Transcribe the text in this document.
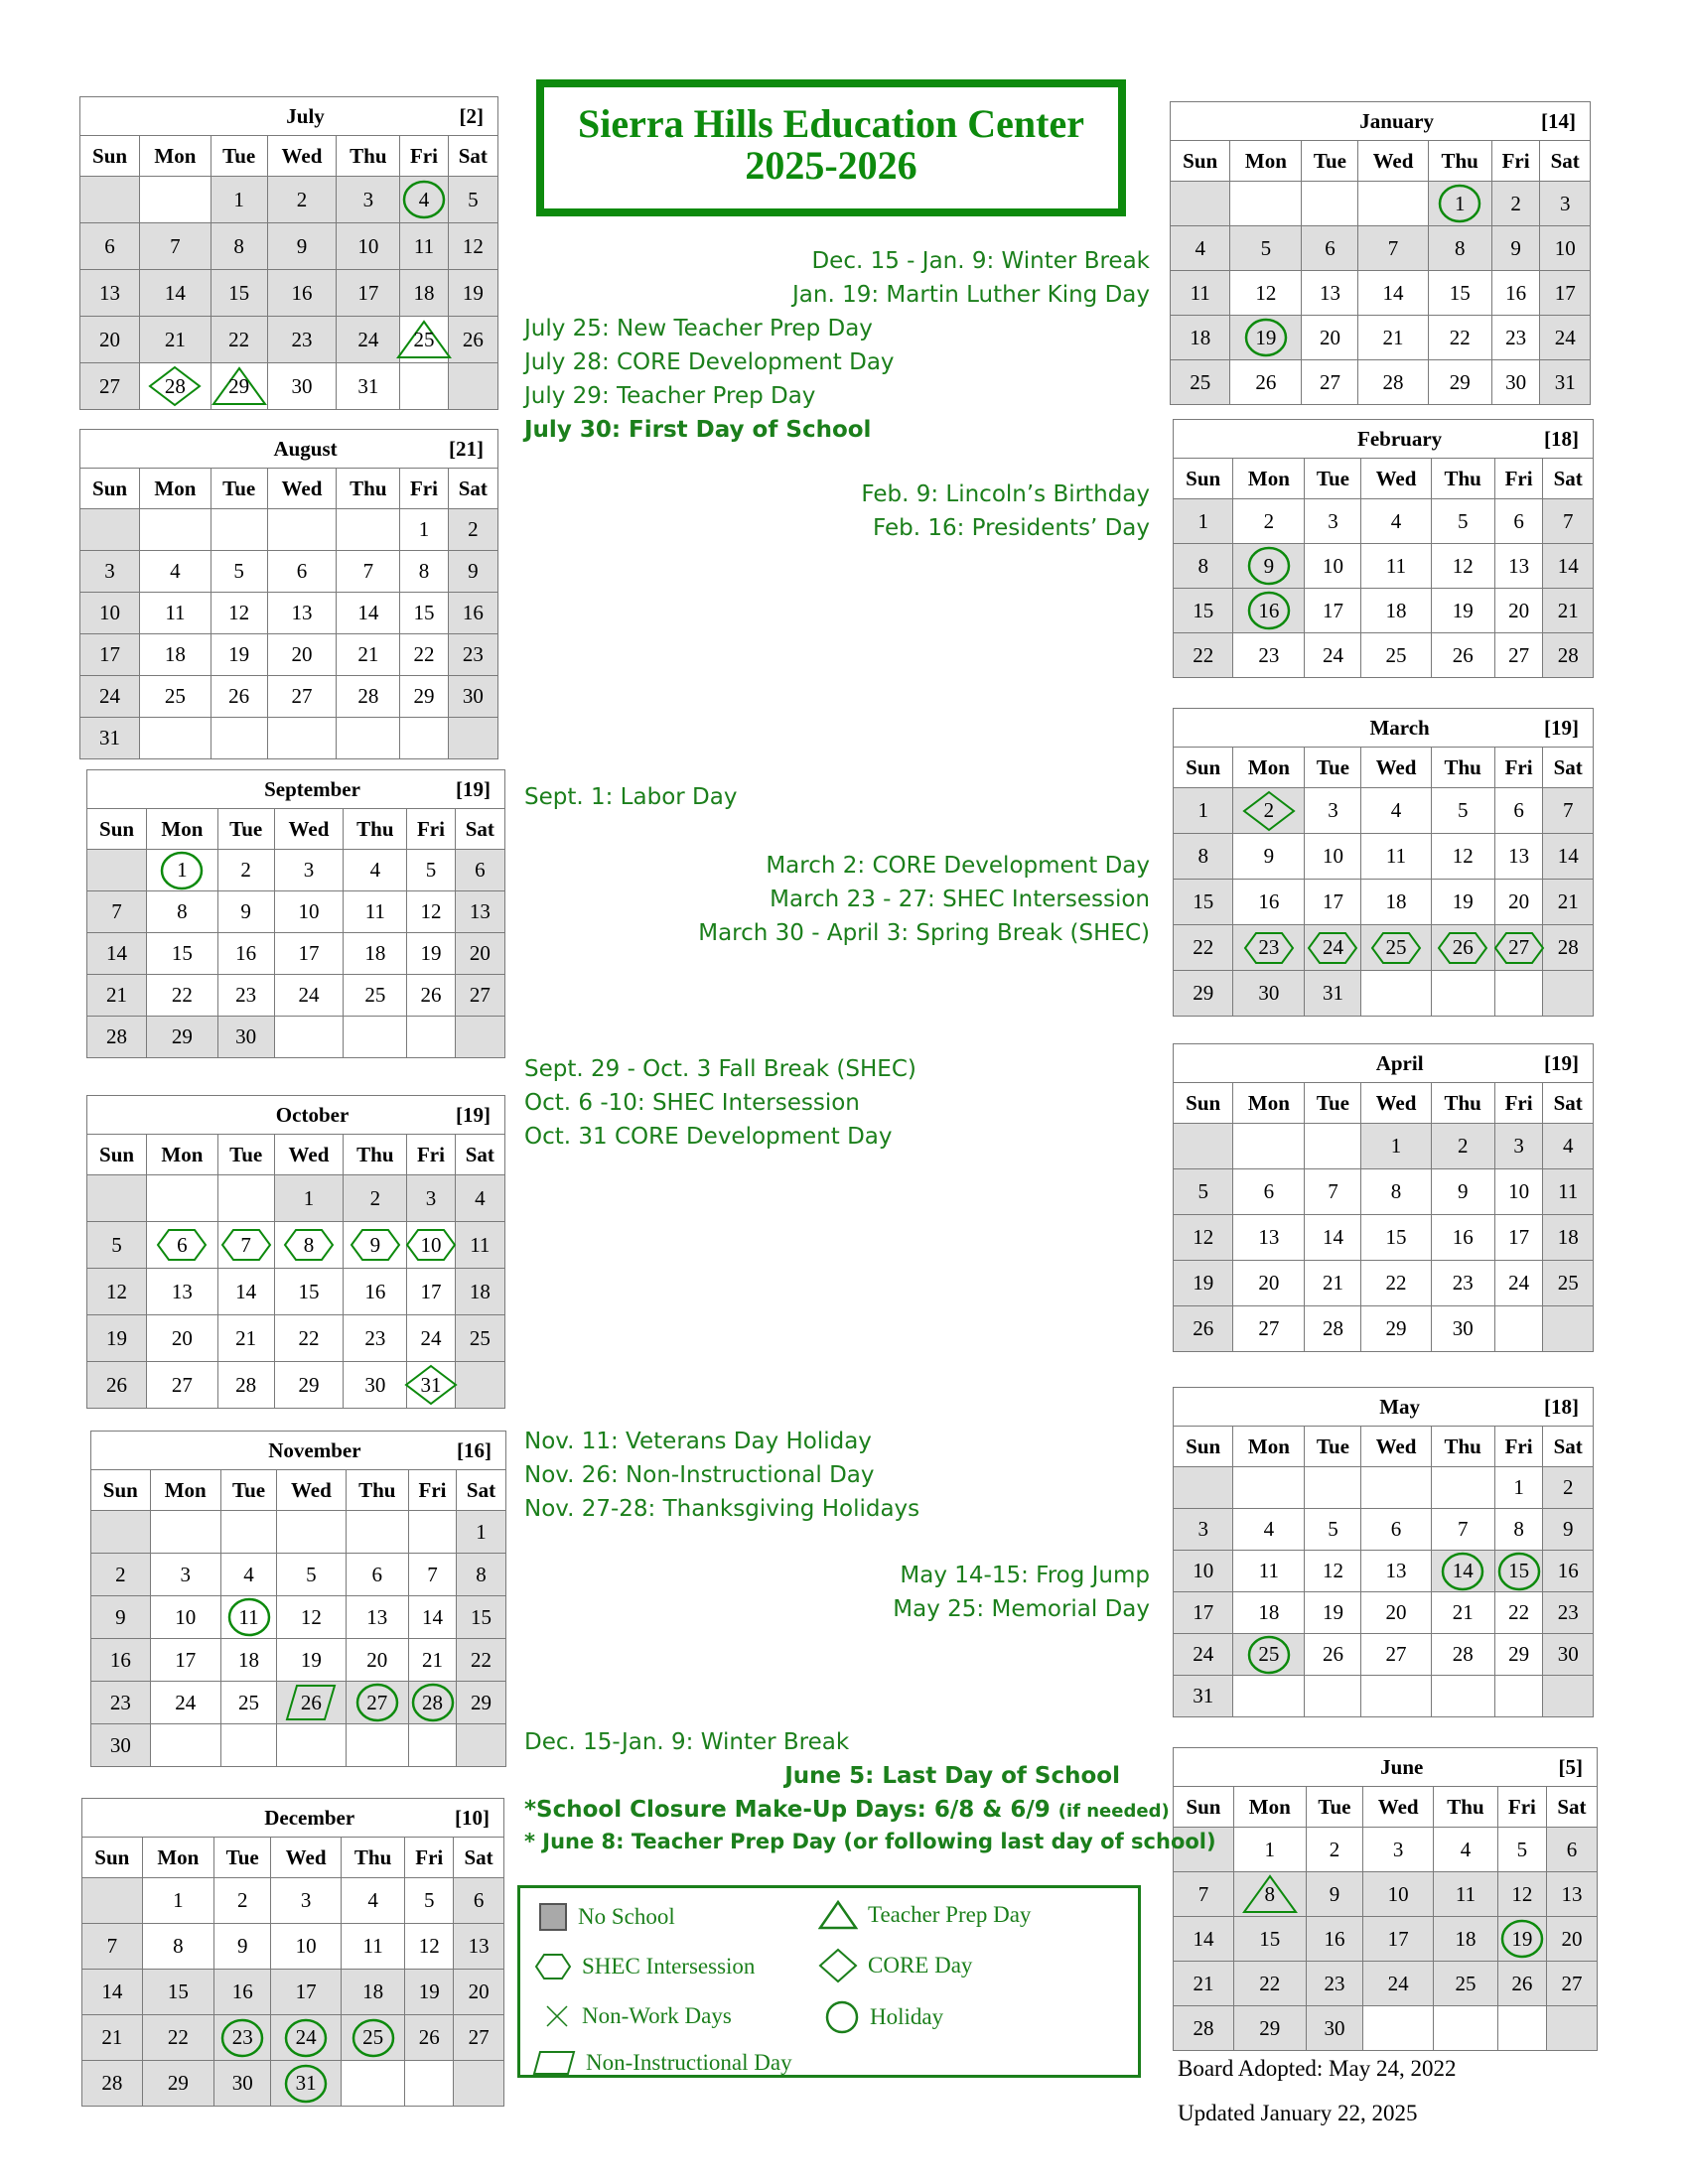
Sierra Hills Education Center
2025-2026
		July			[2]	
Sun	Mon	Tue	Wed	Thu	Fri	Sat
		1	2	3	4	5
6	7	8	9	10	11	12
13	14	15	16	17	18	19
20	21	22	23	24	25	26
27	28	29	30	31		
		August			[21]	
Sun	Mon	Tue	Wed	Thu	Fri	Sat
					1	2
3	4	5	6	7	8	9
10	11	12	13	14	15	16
17	18	19	20	21	22	23
24	25	26	27	28	29	30
31						
		September			[19]	
Sun	Mon	Tue	Wed	Thu	Fri	Sat
	1	2	3	4	5	6
7	8	9	10	11	12	13
14	15	16	17	18	19	20
21	22	23	24	25	26	27
28	29	30				
		October			[19]	
Sun	Mon	Tue	Wed	Thu	Fri	Sat
			1	2	3	4
5	6	7	8	9	10	11
12	13	14	15	16	17	18
19	20	21	22	23	24	25
26	27	28	29	30	31

		November			[16]	
Sun	Mon	Tue	Wed	Thu	Fri	Sat
						1
2	3	4	5	6	7	8
9	10	11	12	13	14	15
16	17	18	19	20	21	22
23	24	25	26	27	28	29
30						
		December			[10]	
Sun	Mon	Tue	Wed	Thu	Fri	Sat
	1	2	3	4	5	6
7	8	9	10	11	12	13
14	15	16	17	18	19	20
21	22	23	24	25	26	27
28	29	30	31

		January			[14]	
Sun	Mon	Tue	Wed	Thu	Fri	Sat
				1	2	3
4	5	6	7	8	9	10
11	12	13	14	15	16	17
18	19	20	21	22	23	24
25	26	27	28	29	30	31
		February			[18]	
Sun	Mon	Tue	Wed	Thu	Fri	Sat
1	2	3	4	5	6	7
8	9	10	11	12	13	14
15	16	17	18	19	20	21
22	23	24	25	26	27	28
		March			[19]	
Sun	Mon	Tue	Wed	Thu	Fri	Sat
1	2	3	4	5	6	7
8	9	10	11	12	13	14
15	16	17	18	19	20	21
22	23	24	25	26	27	28
29	30	31				
		April			[19]	
Sun	Mon	Tue	Wed	Thu	Fri	Sat
			1	2	3	4
5	6	7	8	9	10	11
12	13	14	15	16	17	18
19	20	21	22	23	24	25
26	27	28	29	30		
		May			[18]	
Sun	Mon	Tue	Wed	Thu	Fri	Sat
					1	2
3	4	5	6	7	8	9
10	11	12	13	14	15	16
17	18	19	20	21	22	23
24	25	26	27	28	29	30
31						
		June			[5]	
Sun	Mon	Tue	Wed	Thu	Fri	Sat
	1	2	3	4	5	6
7	8	9	10	11	12	13
14	15	16	17	18	19	20
21	22	23	24	25	26	27
28	29	30				
Dec. 15 - Jan. 9: Winter Break
Jan. 19: Martin Luther King Day
July 25: New Teacher Prep Day
July 28: CORE Development Day
July 29: Teacher Prep Day
July 30: First Day of School
Feb. 9: Lincoln’s Birthday
Feb. 16: Presidents’ Day
Sept. 1: Labor Day
March 2: CORE Development Day
March 23 - 27: SHEC Intersession
March 30 - April 3: Spring Break (SHEC)
Sept. 29 - Oct. 3 Fall Break (SHEC)
Oct. 6 -10: SHEC Intersession
Oct. 31 CORE Development Day
Nov. 11: Veterans Day Holiday
Nov. 26: Non-Instructional Day
Nov. 27-28: Thanksgiving Holidays
May 14-15: Frog Jump
May 25: Memorial Day
Dec. 15-Jan. 9: Winter Break
June 5: Last Day of School
*School Closure Make-Up Days: 6/8 & 6/9 (if needed)
* June 8: Teacher Prep Day (or following last day of school)
No School	Teacher Prep Day
SHEC Intersession	CORE Day
Non-Work Days	Holiday
Non-Instructional Day	Board Adopted: May 24, 2022
Updated January 22, 2025
